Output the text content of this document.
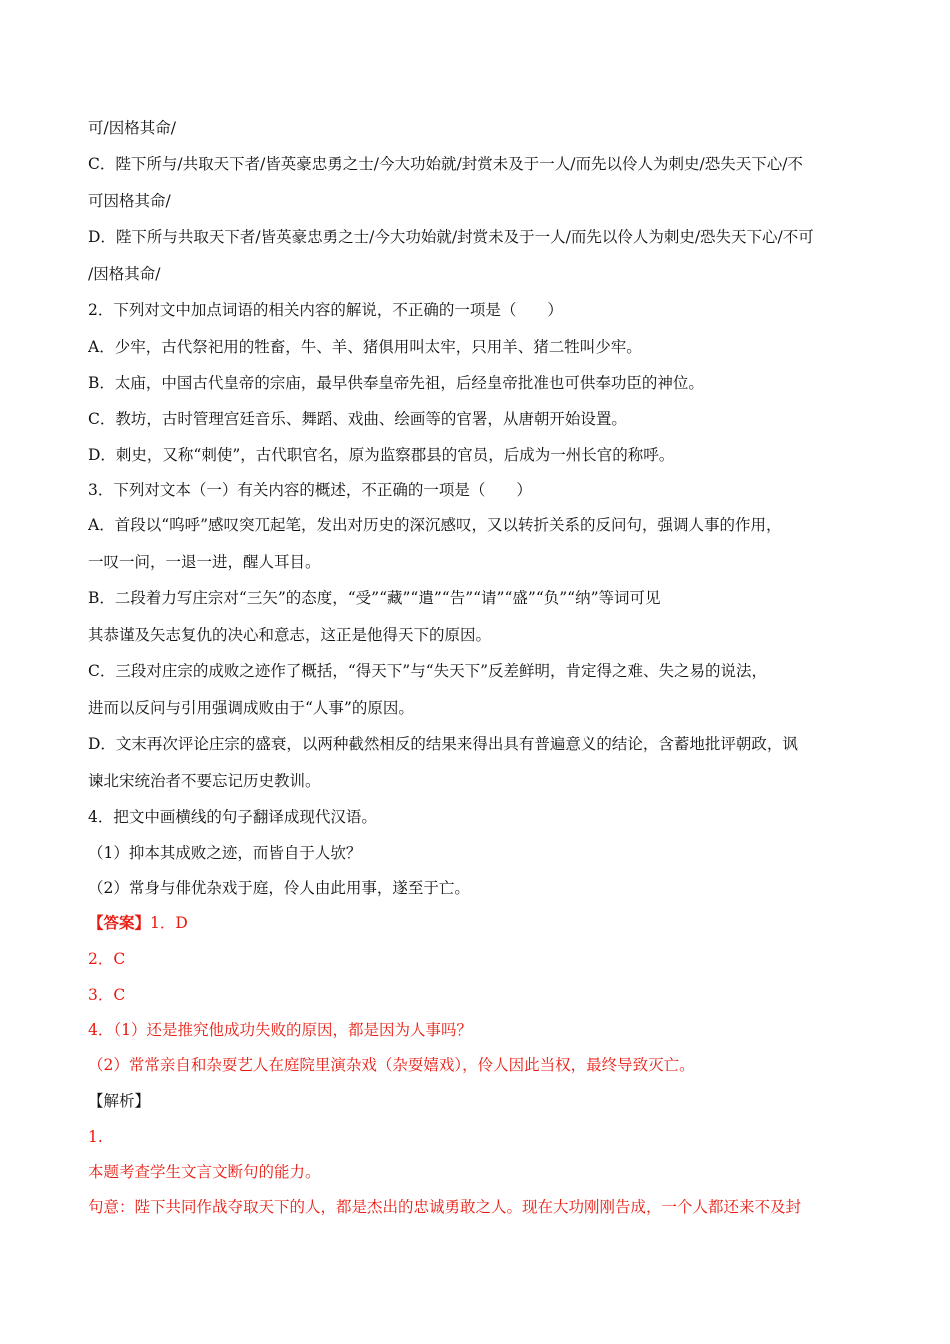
可/因格其命/
C．陛下所与/共取天下者/皆英豪忠勇之士/今大功始就/封赏未及于一人/而先以伶人为刺史/恐失天下心/不
可因格其命/
D．陛下所与共取天下者/皆英豪忠勇之士/今大功始就/封赏未及于一人/而先以伶人为刺史/恐失天下心/不可
/因格其命/
2．下列对文中加点词语的相关内容的解说，不正确的一项是（　　）
A．少牢，古代祭祀用的牲畜，牛、羊、猪俱用叫太牢，只用羊、猪二牲叫少牢。
B．太庙，中国古代皇帝的宗庙，最早供奉皇帝先祖，后经皇帝批准也可供奉功臣的神位。
C．教坊，古时管理宫廷音乐、舞蹈、戏曲、绘画等的官署，从唐朝开始设置。
D．刺史，又称“刺使”，古代职官名，原为监察郡县的官员，后成为一州长官的称呼。
3．下列对文本（一）有关内容的概述，不正确的一项是（　　）
A．首段以“呜呼”感叹突兀起笔，发出对历史的深沉感叹，又以转折关系的反问句，强调人事的作用，
一叹一问，一退一进，醒人耳目。
B．二段着力写庄宗对“三矢”的态度，“受”“藏”“遣”“告”“请”“盛”“负”“纳”等词可见
其恭谨及矢志复仇的决心和意志，这正是他得天下的原因。
C．三段对庄宗的成败之迹作了概括，“得天下”与“失天下”反差鲜明，肯定得之难、失之易的说法，
进而以反问与引用强调成败由于“人事”的原因。
D．文末再次评论庄宗的盛衰，以两种截然相反的结果来得出具有普遍意义的结论，含蓄地批评朝政，讽
谏北宋统治者不要忘记历史教训。
4．把文中画横线的句子翻译成现代汉语。
（1）抑本其成败之迹，而皆自于人欤？
（2）常身与俳优杂戏于庭，伶人由此用事，遂至于亡。
【答案】1．D
2．C
3．C
4．（1）还是推究他成功失败的原因，都是因为人事吗？
（2）常常亲自和杂耍艺人在庭院里演杂戏（杂耍嬉戏），伶人因此当权，最终导致灭亡。
【解析】
1.
本题考查学生文言文断句的能力。
句意：陛下共同作战夺取天下的人，都是杰出的忠诚勇敢之人。现在大功刚刚告成，一个人都还来不及封
